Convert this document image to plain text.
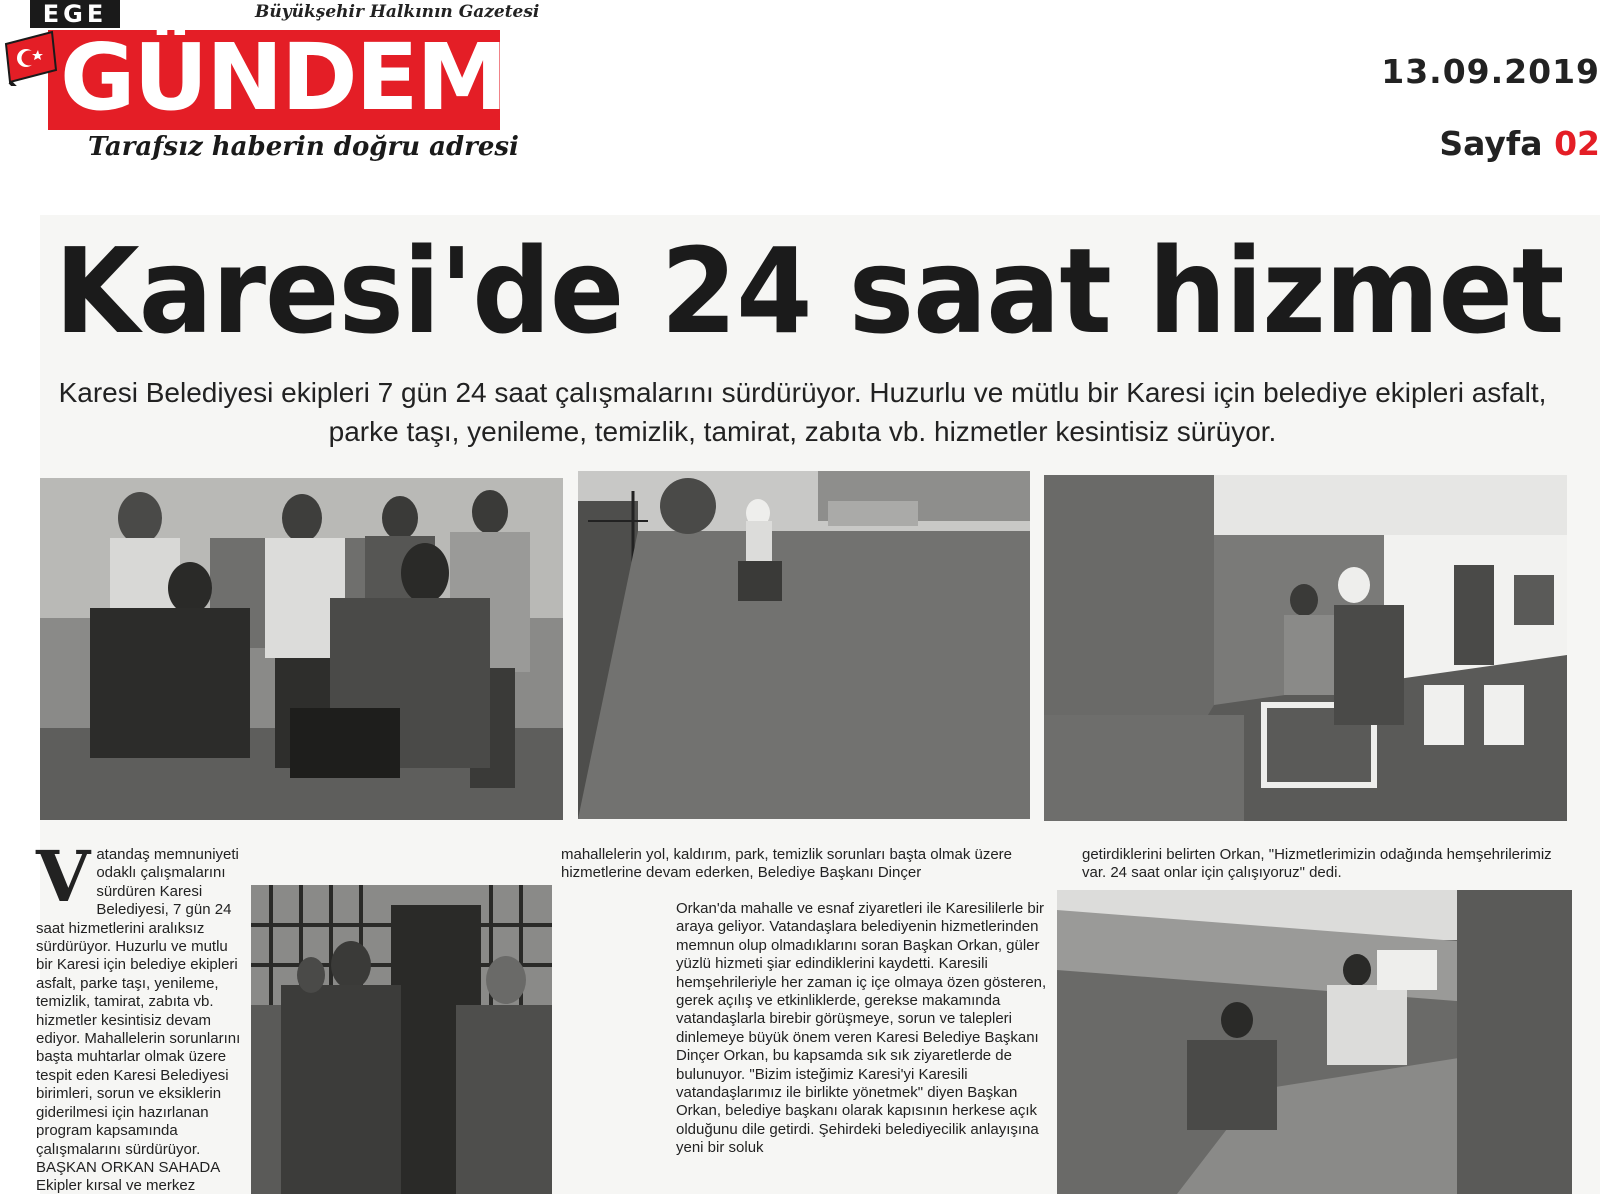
EGE	Büyükşehir Halkının Gazetesi
GÜNDEM
Tarafsız haberin doğru adresi
13.09.2019
Sayfa 02
Karesi'de 24 saat hizmet
Karesi Belediyesi ekipleri 7 gün 24 saat çalışmalarını sürdürüyor. Huzurlu ve mütlu bir Karesi için belediye ekipleri asfalt, parke taşı, yenileme, temizlik, tamirat, zabıta vb. hizmetler kesintisiz sürüyor.
V atandaş memnuniyeti odaklı çalışmalarını sürdüren Karesi Belediyesi, 7 gün 24 saat hizmetlerini aralıksız sürdürüyor. Huzurlu ve mutlu bir Karesi için belediye ekipleri asfalt, parke taşı, yenileme, temizlik, tamirat, zabıta vb. hizmetler kesintisiz devam ediyor. Mahallelerin sorunlarını başta muhtarlar olmak üzere tespit eden Karesi Belediyesi birimleri, sorun ve eksiklerin giderilmesi için hazırlanan program kapsamında çalışmalarını sürdürüyor. BAŞKAN ORKAN SAHADA Ekipler kırsal ve merkez

mahallelerin yol, kaldırım, park, temizlik sorunları başta olmak üzere hizmetlerine devam ederken, Belediye Başkanı Dinçer

Orkan'da mahalle ve esnaf ziyaretleri ile Karesililerle bir araya geliyor. Vatandaşlara belediyenin hizmetlerinden memnun olup olmadıklarını soran Başkan Orkan, güler yüzlü hizmeti şiar edindiklerini kaydetti. Karesili hemşehrileriyle her zaman iç içe olmaya özen gösteren, gerek açılış ve etkinliklerde, gerekse makamında vatandaşlarla birebir görüşmeye, sorun ve talepleri dinlemeye büyük önem veren Karesi Belediye Başkanı Dinçer Orkan, bu kapsamda sık sık ziyaretlerde de bulunuyor. "Bizim isteğimiz Karesi'yi Karesili vatandaşlarımız ile birlikte yönetmek" diyen Başkan Orkan, belediye başkanı olarak kapısının herkese açık olduğunu dile getirdi. Şehirdeki belediyecilik anlayışına yeni bir soluk

getirdiklerini belirten Orkan, "Hizmetlerimizin odağında hemşehrilerimiz var. 24 saat onlar için çalışıyoruz" dedi.
